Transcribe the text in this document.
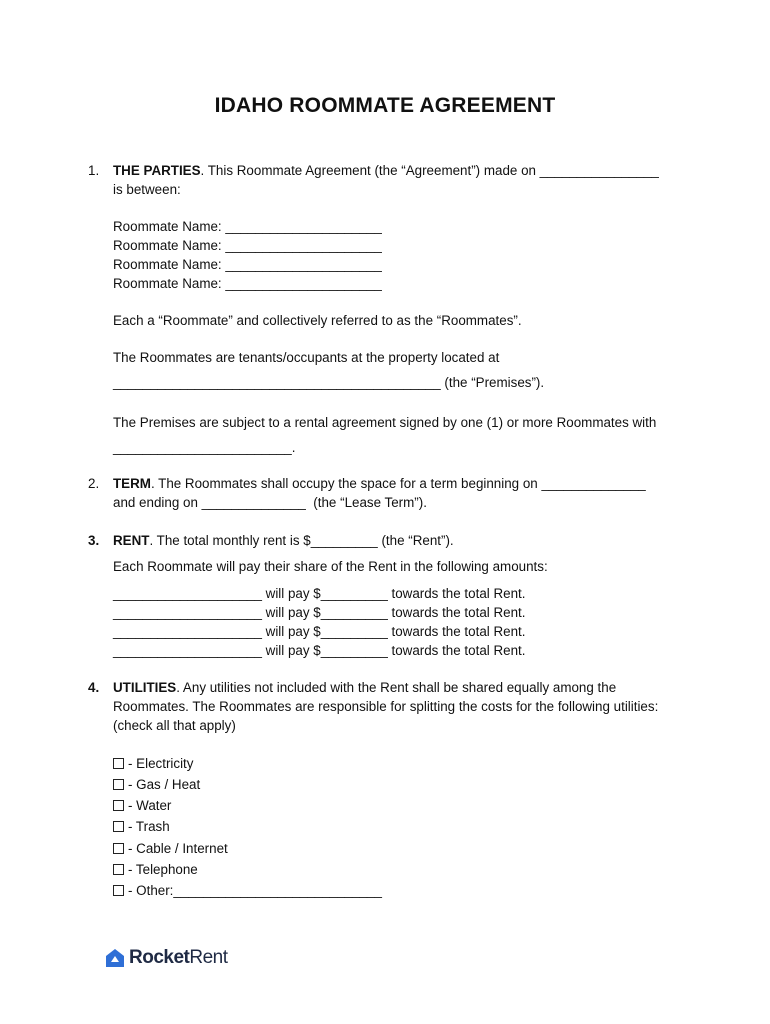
IDAHO ROOMMATE AGREEMENT
1. THE PARTIES. This Roommate Agreement (the “Agreement”) made on ________________
is between:
Roommate Name: _____________________
Roommate Name: _____________________
Roommate Name: _____________________
Roommate Name: _____________________
Each a “Roommate” and collectively referred to as the “Roommates”.
The Roommates are tenants/occupants at the property located at
____________________________________________ (the “Premises”).
The Premises are subject to a rental agreement signed by one (1) or more Roommates with
________________________.
2. TERM. The Roommates shall occupy the space for a term beginning on ______________
and ending on ______________  (the “Lease Term”).
3. RENT. The total monthly rent is $_________ (the “Rent”).
Each Roommate will pay their share of the Rent in the following amounts:
____________________ will pay $_________ towards the total Rent.
____________________ will pay $_________ towards the total Rent.
____________________ will pay $_________ towards the total Rent.
____________________ will pay $_________ towards the total Rent.
4. UTILITIES. Any utilities not included with the Rent shall be shared equally among the
Roommates. The Roommates are responsible for splitting the costs for the following utilities:
(check all that apply)
- Electricity
- Gas / Heat
- Water
- Trash
- Cable / Internet
- Telephone
- Other:____________________________
RocketRent
